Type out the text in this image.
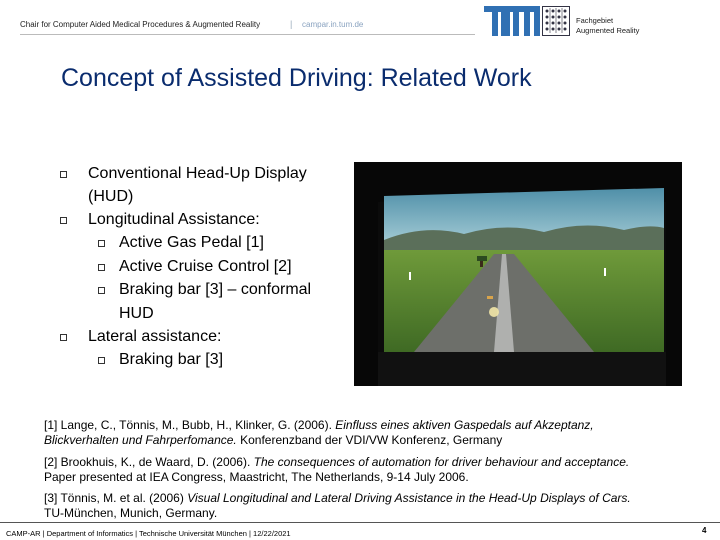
Chair for Computer Aided Medical Procedures & Augmented Reality	| campar.in.tum.de	Fachgebiet
Augmented Reality
Concept of Assisted Driving: Related Work
Conventional Head-Up Display (HUD)
Longitudinal Assistance:
Active Gas Pedal [1]
Active Cruise Control [2]
Braking bar [3] – conformal HUD
Lateral assistance:
Braking bar [3]
[1] Lange, C., Tönnis, M., Bubb, H., Klinker, G. (2006). Einfluss eines aktiven Gaspedals auf Akzeptanz, Blickverhalten und Fahrperfomance. Konferenzband der VDI/VW Konferenz, Germany
[2] Brookhuis, K., de Waard, D. (2006). The consequences of automation for driver behaviour and acceptance. Paper presented at IEA Congress, Maastricht, The Netherlands, 9-14 July 2006.
[3] Tönnis, M. et al. (2006) Visual Longitudinal and Lateral Driving Assistance in the Head-Up Displays of Cars. TU-München, Munich, Germany.
CAMP-AR | Department of Informatics | Technische Universität München | 12/22/2021	4
